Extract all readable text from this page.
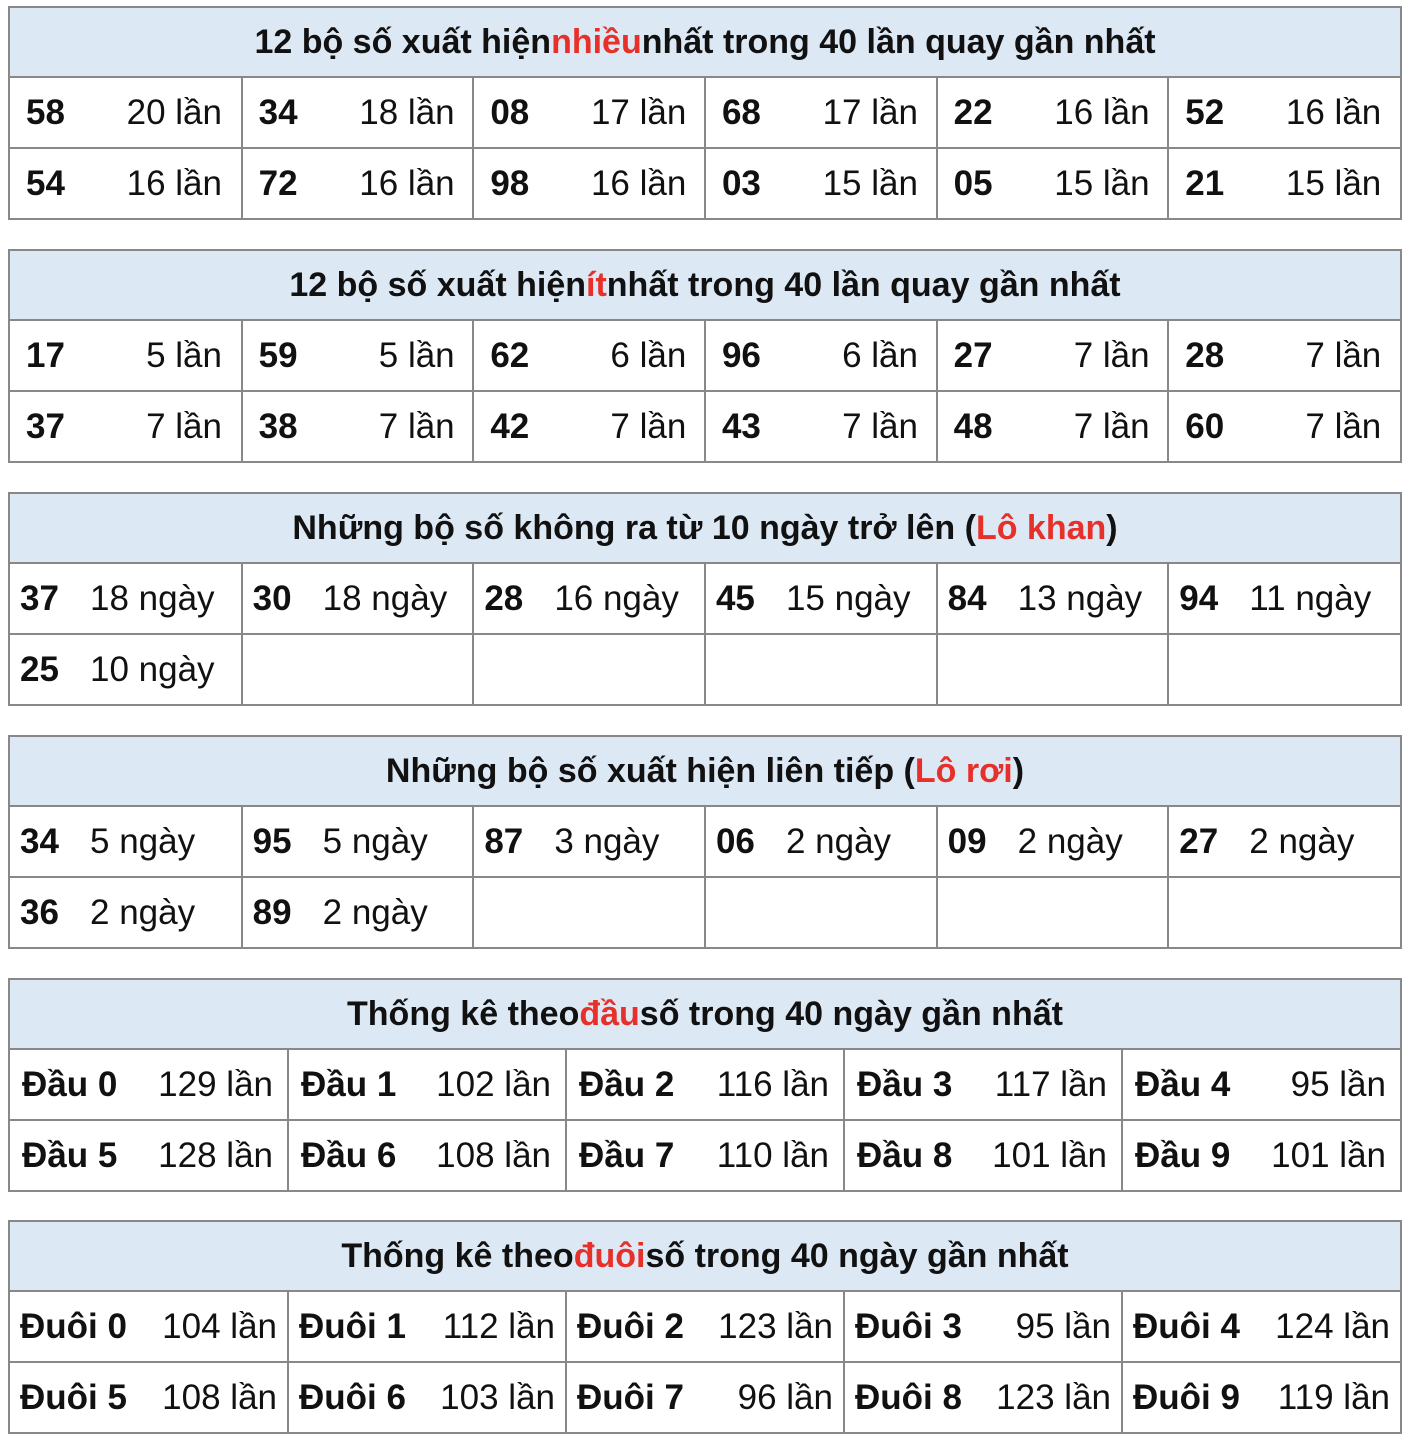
12 bộ số xuất hiện nhiều nhất trong 40 lần quay gần nhất
58 20 lần	34 18 lần	08 17 lần	68 17 lần	22 16 lần	52 16 lần

54 16 lần	72 16 lần	98 16 lần	03 15 lần	05 15 lần	21 15 lần
12 bộ số xuất hiện ít nhất trong 40 lần quay gần nhất
17 5 lần	59 5 lần	62 6 lần	96 6 lần	27 7 lần	28 7 lần

37 7 lần	38 7 lần	42 7 lần	43 7 lần	48 7 lần	60 7 lần
Những bộ số không ra từ 10 ngày trở lên ( Lô khan )
37 18 ngày	30 18 ngày	28 16 ngày	45 15 ngày	84 13 ngày	94 11 ngày

25 10 ngày					

Những bộ số xuất hiện liên tiếp ( Lô rơi )
34 5 ngày	95 5 ngày	87 3 ngày	06 2 ngày	09 2 ngày	27 2 ngày

36 2 ngày	89 2 ngày				

Thống kê theo đầu số trong 40 ngày gần nhất
Đầu 0 129 lần	Đầu 1 102 lần	Đầu 2 116 lần	Đầu 3 117 lần	Đầu 4 95 lần

Đầu 5 128 lần	Đầu 6 108 lần	Đầu 7 110 lần	Đầu 8 101 lần	Đầu 9 101 lần
Thống kê theo đuôi số trong 40 ngày gần nhất
Đuôi 0 104 lần	Đuôi 1 112 lần	Đuôi 2 123 lần	Đuôi 3 95 lần	Đuôi 4 124 lần

Đuôi 5 108 lần	Đuôi 6 103 lần	Đuôi 7 96 lần	Đuôi 8 123 lần	Đuôi 9 119 lần
